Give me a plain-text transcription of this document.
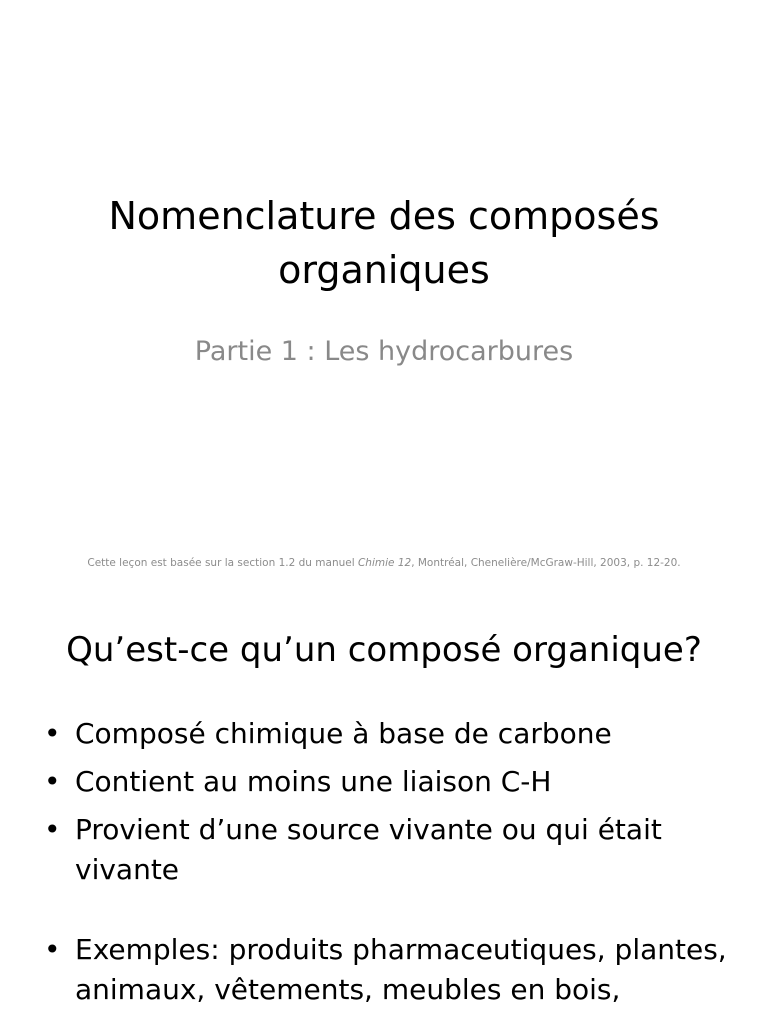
Nomenclature des composés organiques
Partie 1 : Les hydrocarbures
Cette leçon est basée sur la section 1.2 du manuel Chimie 12, Montréal, Chenelière/McGraw-Hill, 2003, p. 12-20.
Qu’est-ce qu’un composé organique?
• Composé chimique à base de carbone
• Contient au moins une liaison C-H
• Provient d’une source vivante ou qui était vivante
• Exemples: produits pharmaceutiques, plantes, animaux, vêtements, meubles en bois,
